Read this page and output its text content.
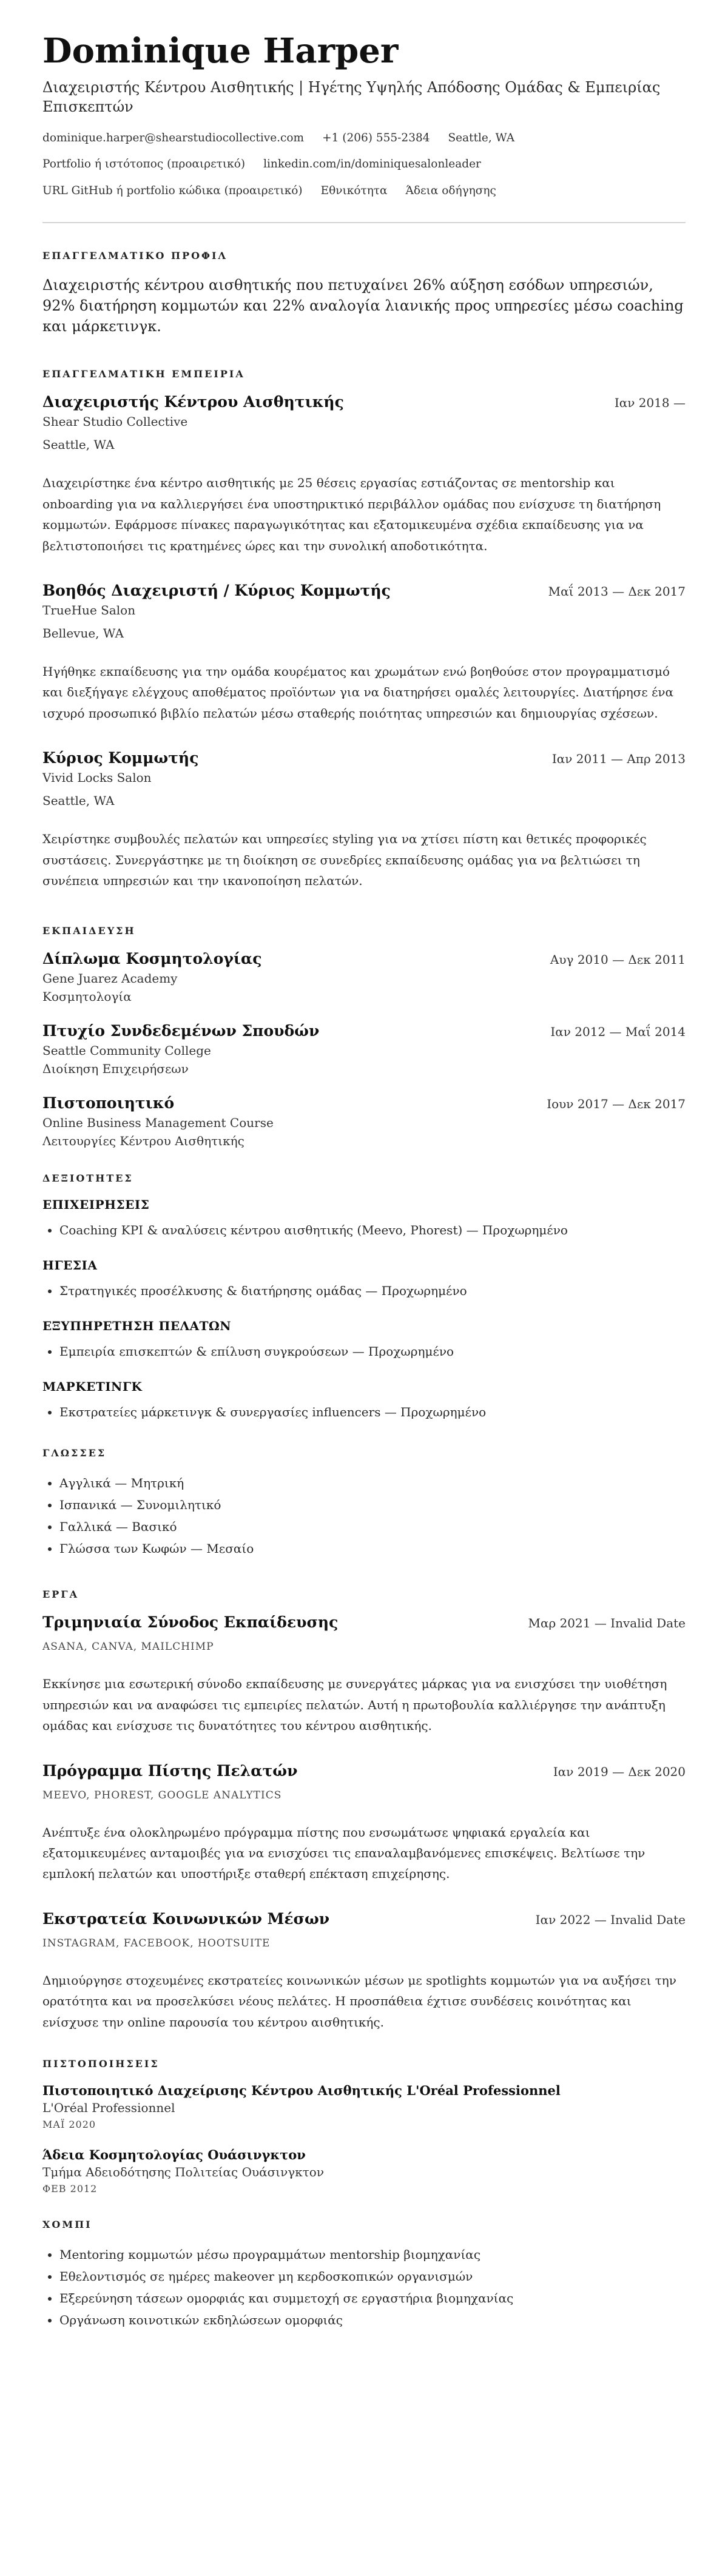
Dominique Harper
Διαχειριστής Κέντρου Αισθητικής | Ηγέτης Υψηλής Απόδοσης Ομάδας & Εμπειρίας Επισκεπτών
dominique.harper@shearstudiocollective.com +1 (206) 555-2384 Seattle, WA
Portfolio ή ιστότοπος (προαιρετικό) linkedin.com/in/dominiquesalonleader
URL GitHub ή portfolio κώδικα (προαιρετικό) Εθνικότητα Άδεια οδήγησης
ΕΠΑΓΓΕΛΜΑΤΙΚΟ ΠΡΟΦΙΛ
Διαχειριστής κέντρου αισθητικής που πετυχαίνει 26% αύξηση εσόδων υπηρεσιών, 92% διατήρηση κομμωτών και 22% αναλογία λιανικής προς υπηρεσίες μέσω coaching και μάρκετινγκ.
ΕΠΑΓΓΕΛΜΑΤΙΚΗ ΕΜΠΕΙΡΙΑ
Διαχειριστής Κέντρου Αισθητικής	Ιαν 2018 —
Shear Studio Collective
Seattle, WA
Διαχειρίστηκε ένα κέντρο αισθητικής με 25 θέσεις εργασίας εστιάζοντας σε mentorship και onboarding για να καλλιεργήσει ένα υποστηρικτικό περιβάλλον ομάδας που ενίσχυσε τη διατήρηση κομμωτών. Εφάρμοσε πίνακες παραγωγικότητας και εξατομικευμένα σχέδια εκπαίδευσης για να βελτιστοποιήσει τις κρατημένες ώρες και την συνολική αποδοτικότητα.
Βοηθός Διαχειριστή / Κύριος Κομμωτής	Μαΐ 2013 — Δεκ 2017
TrueHue Salon
Bellevue, WA
Ηγήθηκε εκπαίδευσης για την ομάδα κουρέματος και χρωμάτων ενώ βοηθούσε στον προγραμματισμό και διεξήγαγε ελέγχους αποθέματος προϊόντων για να διατηρήσει ομαλές λειτουργίες. Διατήρησε ένα ισχυρό προσωπικό βιβλίο πελατών μέσω σταθερής ποιότητας υπηρεσιών και δημιουργίας σχέσεων.
Κύριος Κομμωτής	Ιαν 2011 — Απρ 2013
Vivid Locks Salon
Seattle, WA
Χειρίστηκε συμβουλές πελατών και υπηρεσίες styling για να χτίσει πίστη και θετικές προφορικές συστάσεις. Συνεργάστηκε με τη διοίκηση σε συνεδρίες εκπαίδευσης ομάδας για να βελτιώσει τη συνέπεια υπηρεσιών και την ικανοποίηση πελατών.
ΕΚΠΑΙΔΕΥΣΗ
Δίπλωμα Κοσμητολογίας	Αυγ 2010 — Δεκ 2011
Gene Juarez Academy
Κοσμητολογία
Πτυχίο Συνδεδεμένων Σπουδών	Ιαν 2012 — Μαΐ 2014
Seattle Community College
Διοίκηση Επιχειρήσεων
Πιστοποιητικό	Ιουν 2017 — Δεκ 2017
Online Business Management Course
Λειτουργίες Κέντρου Αισθητικής
ΔΕΞΙΟΤΗΤΕΣ
ΕΠΙΧΕΙΡΗΣΕΙΣ
• Coaching KPI & αναλύσεις κέντρου αισθητικής (Meevo, Phorest) — Προχωρημένο
ΗΓΕΣΙΑ
• Στρατηγικές προσέλκυσης & διατήρησης ομάδας — Προχωρημένο
ΕΞΥΠΗΡΕΤΗΣΗ ΠΕΛΑΤΩΝ
• Εμπειρία επισκεπτών & επίλυση συγκρούσεων — Προχωρημένο
ΜΑΡΚΕΤΙΝΓΚ
• Εκστρατείες μάρκετινγκ & συνεργασίες influencers — Προχωρημένο
ΓΛΩΣΣΕΣ
• Αγγλικά — Μητρική
• Ισπανικά — Συνομιλητικό
• Γαλλικά — Βασικό
• Γλώσσα των Κωφών — Μεσαίο
ΕΡΓΑ
Τριμηνιαία Σύνοδος Εκπαίδευσης	Μαρ 2021 — Invalid Date
ASANA, CANVA, MAILCHIMP
Εκκίνησε μια εσωτερική σύνοδο εκπαίδευσης με συνεργάτες μάρκας για να ενισχύσει την υιοθέτηση υπηρεσιών και να αναφώσει τις εμπειρίες πελατών. Αυτή η πρωτοβουλία καλλιέργησε την ανάπτυξη ομάδας και ενίσχυσε τις δυνατότητες του κέντρου αισθητικής.
Πρόγραμμα Πίστης Πελατών	Ιαν 2019 — Δεκ 2020
MEEVO, PHOREST, GOOGLE ANALYTICS
Ανέπτυξε ένα ολοκληρωμένο πρόγραμμα πίστης που ενσωμάτωσε ψηφιακά εργαλεία και εξατομικευμένες ανταμοιβές για να ενισχύσει τις επαναλαμβανόμενες επισκέψεις. Βελτίωσε την εμπλοκή πελατών και υποστήριξε σταθερή επέκταση επιχείρησης.
Εκστρατεία Κοινωνικών Μέσων	Ιαν 2022 — Invalid Date
INSTAGRAM, FACEBOOK, HOOTSUITE
Δημιούργησε στοχευμένες εκστρατείες κοινωνικών μέσων με spotlights κομμωτών για να αυξήσει την ορατότητα και να προσελκύσει νέους πελάτες. Η προσπάθεια έχτισε συνδέσεις κοινότητας και ενίσχυσε την online παρουσία του κέντρου αισθητικής.
ΠΙΣΤΟΠΟΙΗΣΕΙΣ
Πιστοποιητικό Διαχείρισης Κέντρου Αισθητικής L'Oréal Professionnel
L'Oréal Professionnel
ΜΑΪ 2020
Άδεια Κοσμητολογίας Ουάσινγκτον
Τμήμα Αδειοδότησης Πολιτείας Ουάσινγκτον
ΦΕΒ 2012
ΧΟΜΠΙ
• Mentoring κομμωτών μέσω προγραμμάτων mentorship βιομηχανίας
• Εθελοντισμός σε ημέρες makeover μη κερδοσκοπικών οργανισμών
• Εξερεύνηση τάσεων ομορφιάς και συμμετοχή σε εργαστήρια βιομηχανίας
• Οργάνωση κοινοτικών εκδηλώσεων ομορφιάς
